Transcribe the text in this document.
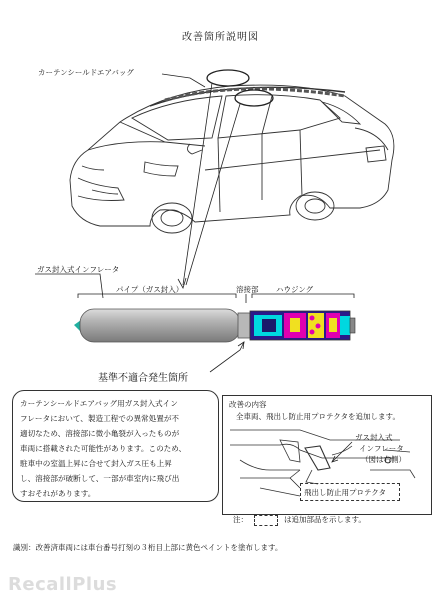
改善箇所説明図
カーテンシールドエアバッグ
ガス封入式インフレータ
パイプ（ガス封入）	溶接部 ハウジング
基準不適合発生箇所
カーテンシールドエアバッグ用ガス封入式イン
フレータにおいて、製造工程での異常処置が不
適切なため、溶接部に微小亀裂が入ったものが
車両に搭載された可能性があります。このため、
駐車中の室温上昇に合せて封入ガス圧も上昇
し、溶接部が破断して、一部が車室内に飛び出
すおそれがあります。
改善の内容
全車両、飛出し防止用プロテクタを追加します。
ガス封入式
インフレータ
（図は右側）
飛出し防止用プロテクタ
注：	は追加部品を示します。
識別：改善済車両には車台番号打刻の３桁目上部に黄色ペイントを塗布します。
RecallPlus
